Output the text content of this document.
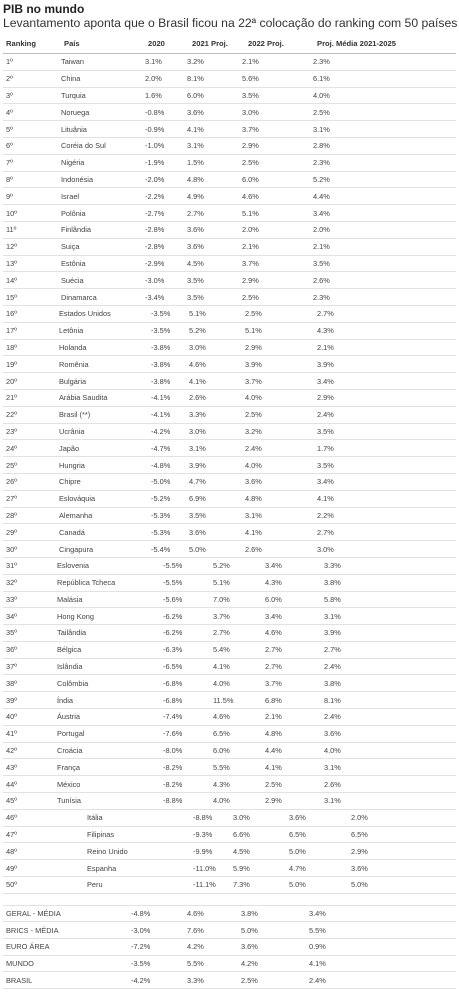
PIB no mundo
Levantamento aponta que o Brasil ficou na 22ª colocação do ranking com 50 países
Ranking	País	2020	2021 Proj.	2022 Proj.	Proj. Média 2021-2025
1º	Taiwan	3.1%	3.2%	2.1%	2.3%
2º	China	2.0%	8.1%	5.6%	6.1%
3º	Turquia	1.6%	6.0%	3.5%	4.0%
4º	Noruega	-0.8%	3.6%	3.0%	2.5%
5º	Lituânia	-0.9%	4.1%	3.7%	3.1%
6º	Coréia do Sul	-1.0%	3.1%	2.9%	2.8%
7º	Nigéria	-1.9%	1.5%	2.5%	2.3%
8º	Indonésia	-2.0%	4.8%	6.0%	5.2%
9º	Israel	-2.2%	4.9%	4.6%	4.4%
10º	Polônia	-2.7%	2.7%	5.1%	3.4%
11º	Finlândia	-2.8%	3.6%	2.0%	2.0%
12º	Suiça	-2.8%	3.6%	2.1%	2.1%
13º	Estônia	-2.9%	4.5%	3.7%	3.5%
14º	Suécia	-3.0%	3.5%	2.9%	2.6%
15º	Dinamarca	-3.4%	3.5%	2.5%	2.3%
16º	Estados Unidos	-3.5%	5.1%	2.5%	2.7%
17º	Letônia	-3.5%	5.2%	5.1%	4.3%
18º	Holanda	-3.8%	3.0%	2.9%	2.1%
19º	Romênia	-3.8%	4.6%	3.9%	3.9%
20º	Bulgária	-3.8%	4.1%	3.7%	3.4%
21º	Arábia Saudita	-4.1%	2.6%	4.0%	2.9%
22º	Brasil (**)	-4.1%	3.3%	2.5%	2.4%
23º	Ucrânia	-4.2%	3.0%	3.2%	3.5%
24º	Japão	-4.7%	3.1%	2.4%	1.7%
25º	Hungria	-4.8%	3.9%	4.0%	3.5%
26º	Chipre	-5.0%	4.7%	3.6%	3.4%
27º	Eslováquia	-5.2%	6.9%	4.8%	4.1%
28º	Alemanha	-5.3%	3.5%	3.1%	2.2%
29º	Canadá	-5.3%	3.6%	4.1%	2.7%
30º	Cingapura	-5.4%	5.0%	2.6%	3.0%
31º	Eslovenia	-5.5%	5.2%	3.4%	3.3%
32º	República Tcheca	-5.5%	5.1%	4.3%	3.8%
33º	Malásia	-5.6%	7.0%	6.0%	5.8%
34º	Hong Kong	-6.2%	3.7%	3.4%	3.1%
35º	Tailândia	-6.2%	2.7%	4.6%	3.9%
36º	Bélgica	-6.3%	5.4%	2.7%	2.7%
37º	Islândia	-6.5%	4.1%	2.7%	2.4%
38º	Colômbia	-6.8%	4.0%	3.7%	3.8%
39º	Índia	-6.8%	11.5%	6.8%	8.1%
40º	Áustria	-7.4%	4.6%	2.1%	2.4%
41º	Portugal	-7.6%	6.5%	4.8%	3.6%
42º	Croácia	-8.0%	6.0%	4.4%	4.0%
43º	França	-8.2%	5.5%	4.1%	3.1%
44º	México	-8.2%	4.3%	2.5%	2.6%
45º	Tunísia	-8.8%	4.0%	2.9%	3.1%
46º	Itália	-8.8%	3.0%	3.6%	2.0%
47º	Filipinas	-9.3%	6.6%	6.5%	6.5%
48º	Reino Unido	-9.9%	4.5%	5.0%	2.9%
49º	Espanha	-11.0%	5.9%	4.7%	3.6%
50º	Peru	-11.1%	7.3%	5.0%	5.0%
GERAL - MÉDIA	-4.8%	4.6%	3.8%	3.4%
BRICS - MÉDIA	-3.0%	7.6%	5.0%	5.5%
EURO ÁREA	-7.2%	4.2%	3.6%	0.9%
MUNDO	-3.5%	5.5%	4.2%	4.1%
BRASIL	-4.2%	3.3%	2.5%	2.4%
